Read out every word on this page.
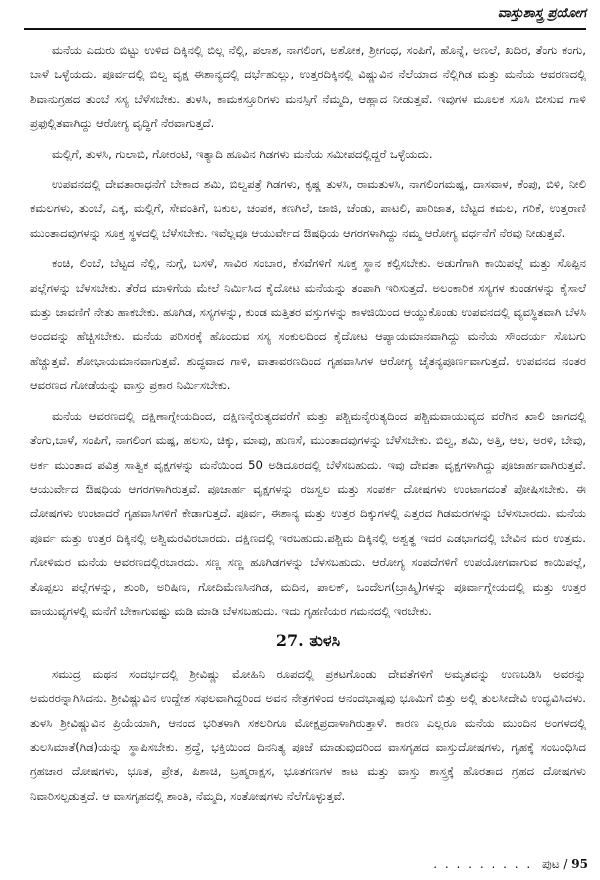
ವಾಸ್ತುಶಾಸ್ತ್ರ ಪ್ರಯೋಗ

ಮನೆಯ ಎದುರು ಬಿಟ್ಟು ಉಳಿದ ದಿಕ್ಕಿನಲ್ಲಿ ಬಿಲ್ಲ ನೆಲ್ಲಿ, ಪಲಾಶ, ನಾಗಲಿಂಗ, ಅಶೋಕ, ಶ್ರೀಗಂಧ, ಸಂಪಿಗೆ, ಹೊನ್ನೆ, ಅಣಲೆ, ಖದಿರ, ತೆಂಗು ಕಂಗು, ಬಾಳೆ ಒಳ್ಳೆಯದು. ಪೂರ್ವದಲ್ಲಿ ಬಿಲ್ವ ವೃಕ್ಷ ಈಶಾನ್ಯದಲ್ಲಿ ದರ್ಭೆಹುಲ್ಲು, ಉತ್ತರದಿಕ್ಕಿನಲ್ಲಿ ವಿಷ್ಣುವಿನ ನೆಲೆಯಾದ ನೆಲ್ಲಿಗಿಡ ಮತ್ತು ಮನೆಯ ಆವರಣದಲ್ಲಿ ಶಿವಾನುಗ್ರಹದ ತುಂಬೆ ಸಸ್ಯ ಬೆಳೆಸಬೇಕು. ತುಳಸಿ, ಕಾಮಕಸ್ತೂರಿಗಳು ಮನಸ್ಸಿಗೆ ನೆಮ್ಮದಿ, ಆಹ್ಲಾದ ನೀಡುತ್ತವೆ. ಇವುಗಳ ಮೂಲಕ ಸೂಸಿ ಬೀಸುವ ಗಾಳಿ ಪ್ರಫುಲ್ಲಿತವಾಗಿದ್ದು ಆರೋಗ್ಯ ವೃದ್ಧಿಗೆ ನೆರವಾಗುತ್ತದೆ.

ಮಲ್ಲಿಗೆ, ತುಳಸಿ, ಗುಲಾಬಿ, ಗೋರಂಟಿ, ಇತ್ಯಾದಿ ಹೂವಿನ ಗಿಡಗಳು ಮನೆಯ ಸಮೀಪದಲ್ಲಿದ್ದರೆ ಒಳ್ಳೆಯದು.

ಉಪವನದಲ್ಲಿ ದೇವತಾರಾಧನೆಗೆ ಬೇಕಾದ ಶಮಿ, ಬಿಲ್ವಪತ್ರೆ ಗಿಡಗಳು, ಕೃಷ್ಣ ತುಳಸಿ, ರಾಮತುಳಸಿ, ನಾಗಲಿಂಗಮಷ್ಪ, ದಾಸವಾಳ, ಕೆಂಪು, ಬಿಳಿ, ನೀಲಿ ಕಮಲಗಳು, ತುಂಬೆ, ಎಕ್ಕ, ಮಲ್ಲಿಗೆ, ಸೇವಂತಿಗೆ, ಬಕುಲ, ಚಂಪಕ, ಕಣಗಿಲೆ, ಜಾಜಿ, ಚೆಂಡು, ಪಾಟಲಿ, ಪಾರಿಜಾತ, ಬೆಟ್ಟದ ಕಮಲ, ಗರಿಕೆ, ಉತ್ತರಾಣಿ ಮುಂತಾದವುಗಳನ್ನು ಸೂಕ್ತ ಸ್ಥಳದಲ್ಲಿ ಬೆಳೆಸಬೇಕು. ಇವೆಲ್ಲವೂ ಆಯುರ್ವೇದ ಔಷಧಿಯ ಆಗರಗಳಾಗಿದ್ದು ನಮ್ಮ ಆರೋಗ್ಯ ವರ್ಧನೆಗೆ ನೆರವು ನೀಡುತ್ತವೆ.

ಕಂಚಿ, ಲಿಂಬೆ, ಬೆಟ್ಟದ ನೆಲ್ಲಿ, ನುಗ್ಗೆ, ಬಸಳೆ, ಸಾವಿರ ಸಂಬಾರ, ಕೆಸವೆಗಳಿಗೆ ಸೂಕ್ತ ಸ್ಥಾನ ಕಲ್ಪಿಸಬೇಕು. ಅಡುಗೆಗಾಗಿ ಕಾಯಿಪಲ್ಲೆ ಮತ್ತು ಸೊಪ್ಪಿನ ಪಲ್ಲೆಗಳನ್ನು ಬೆಳಸಬೇಕು. ತೆರೆದ ಮಾಳಿಗೆಯ ಮೇಲೆ ನಿರ್ಮಿಸಿದ ಕೈದೋಟ ಮನೆಯನ್ನು ತಂಪಾಗಿ ಇರಿಸುತ್ತದೆ. ಅಲಂಕಾರಿಕ ಸಸ್ಯಗಳ ಕುಂಡಗಳನ್ನು ಕೈಸಾಲೆ ಮತ್ತು ಚಾವಣಿಗೆ ನೇತು ಹಾಕಬೇಕು. ಹೂಗಿಡ, ಸಸ್ಯಗಳನ್ನು, ಕುಂಡ ಮತ್ತಿತರ ವಸ್ತುಗಳನ್ನು ಕಾಳಜಿಯಿಂದ ಆಯ್ದುಕೊಂಡು ಉಪವನದಲ್ಲಿ ವ್ಯವಸ್ಥಿತವಾಗಿ ಬೆಳಸಿ ಅಂದವನ್ನು ಹೆಚ್ಚಿಸಬೇಕು. ಮನೆಯ ಪರಿಸರಕ್ಕೆ ಹೊಂದುವ ಸಸ್ಯ ಸಂಕುಲದಿಂದ ಕೈದೋಟ ಆಪ್ಯಾಯಮಾನವಾಗಿದ್ದು ಮನೆಯ ಸೌಂದರ್ಯ ಸೊಬಗು ಹೆಚ್ಚುತ್ತವೆ. ಶೋಭಾಯಮಾನವಾಗುತ್ತವೆ. ಶುದ್ಧವಾದ ಗಾಳಿ, ವಾತಾವರಣದಿಂದ ಗೃಹವಾಸಿಗಳ ಆರೋಗ್ಯ ಚೈತನ್ಯಪೂರ್ಣವಾಗುತ್ತದೆ. ಉಪವನದ ನಂತರ ಆವರಣದ ಗೋಡೆಯನ್ನು ವಾಸ್ತು ಪ್ರಕಾರ ನಿರ್ಮಿಸಬೇಕು.

ಮನೆಯ ಆವರಣದಲ್ಲಿ ದಕ್ಷಿಣಾಗ್ನೇಯದಿಂದ, ದಕ್ಷಿಣನೈರುತ್ಯದವರೆಗೆ ಮತ್ತು ಪಶ್ಚಿಮನೈರುತ್ಯದಿಂದ ಪಶ್ಚಿಮವಾಯುವ್ಯದ ವರೆಗಿನ ಖಾಲಿ ಜಾಗದಲ್ಲಿ ತೆಂಗು,ಬಾಳೆ, ಸಂಪಿಗೆ, ನಾಗಲಿಂಗ ಮಷ್ಪ, ಹಲಸು, ಚಿಕ್ಕು, ಮಾವು, ಹುಣಸೆ, ಮುಂತಾದವುಗಳನ್ನು ಬೆಳೆಸಬೇಕು. ಬಿಲ್ವ, ಶಮಿ, ಅತ್ತಿ, ಆಲ, ಅರಳಿ, ಬೇವು, ಅರ್ಕ ಮುಂತಾದ ಪವಿತ್ರ ಸಾತ್ವಿಕ ವೃಕ್ಷಗಳನ್ನು ಮನೆಯಿಂದ 50 ಅಡಿದೂರದಲ್ಲಿ ಬೆಳೆಸಬಹುದು. ಇವು ದೇವತಾ ವೃಕ್ಷಗಳಾಗಿದ್ದು ಪೂಜಾರ್ಹವಾಗಿರುತ್ತವೆ. ಆಯುರ್ವೇದ ಔಷಧಿಯ ಆಗರಗಳಾಗಿರುತ್ತವೆ. ಪೂಜಾರ್ಹ ವೃಕ್ಷಗಳನ್ನು ರಜಸ್ವಲ ಮತ್ತು ಸಂಪರ್ಕ ದೋಷಗಳು ಉಂಟಾಗದಂತೆ ಪೋಷಿಸಬೇಕು. ಈ ದೋಷಗಳು ಉಂಟಾದರೆ ಗೃಹವಾಸಿಗಳಿಗೆ ಕೇಡಾಗುತ್ತದೆ. ಪೂರ್ವ, ಈಶಾನ್ಯ ಮತ್ತು ಉತ್ತರ ದಿಕ್ಕುಗಳಲ್ಲಿ ಎತ್ತರದ ಗಿಡಮರಗಳನ್ನು ಬೆಳಸಬಾರದು. ಮನೆಯ ಪೂರ್ವ ಮತ್ತು ಉತ್ತರ ದಿಕ್ಕಿನಲ್ಲಿ ಅಶ್ವಿಮರವಿರಬಾರದು. ದಕ್ಷಿಣದಲ್ಲಿ ಇರಬಹುದು.ಪಶ್ಚಿಮ ದಿಕ್ಕಿನಲ್ಲಿ ಅಶ್ವತ್ಥ ಇದರ ಎಡಭಾಗದಲ್ಲಿ ಬೇವಿನ ಮರ ಉತ್ತಮ. ಗೋಳಿಮರ ಮನೆಯ ಆವರಣದಲ್ಲಿರಬಾರದು. ಸಣ್ಣ ಸಣ್ಣ ಹೂಗಿಡಗಳನ್ನು ಬೆಳಸಬಹುದು. ಆರೋಗ್ಯ ಸಂಪದೆಗಳಿಗೆ ಉಪಯೋಗವಾಗುವ ಕಾಯಿಪಲ್ಲೆ, ತೊಪ್ಪಲು ಪಲ್ಲೆಗಳನ್ನು, ಶುಂಠಿ, ಅರಿಷಿಣ, ಗೋದಿಮೆಣಸಿನಗಿಡ, ಮದಿನ, ಪಾಲಕ್, ಒಂದೆಲಗ(ಬ್ರಾಹ್ಮಿ)ಗಳನ್ನು ಪೂರ್ವಾಗ್ನೇಯದಲ್ಲಿ ಮತ್ತು ಉತ್ತರ ವಾಯುವ್ಯಗಳಲ್ಲಿ ಮನೆಗೆ ಬೇಕಾಗುವಷ್ಟು ಮಡಿ ಮಾಡಿ ಬೆಳಸಬಹುದು. ಇದು ಗೃಹಣಿಯರ ಗಮನದಲ್ಲಿ ಇರಬೇಕು.

27. ತುಳಸಿ

ಸಮುದ್ರ ಮಥನ ಸಂದರ್ಭದಲ್ಲಿ ಶ್ರೀವಿಷ್ಣು ಮೋಹಿನಿ ರೂಪದಲ್ಲಿ ಪ್ರಕಟಗೊಂಡು ದೇವತೆಗಳಿಗೆ ಅಮೃತವನ್ನು ಉಣಬಡಿಸಿ ಅವರನ್ನು ಅಮರರನ್ನಾಗಿಸಿದನು. ಶ್ರೀವಿಷ್ಣುವಿನ ಉದ್ದೇಶ ಸಫಲವಾಗಿದ್ದರಿಂದ ಅವನ ನೇತ್ರಗಳಿಂದ ಆನಂದಭಾಷ್ಪವು ಭೂಮಿಗೆ ಬಿತ್ತು ಅಲ್ಲಿ ತುಲಸೀದೇವಿ ಉದ್ಭವಿಸಿದಳು. ತುಳಸಿ ಶ್ರೀವಿಷ್ಣುವಿನ ಪ್ರಿಯೆಯಾಗಿ, ಆನಂದ ಭರಿತಳಾಗಿ ಸಕಲರಿಗೂ ಮೋಕ್ಷಪ್ರದಾಳಾಗಿರುತ್ತಾಳೆ. ಕಾರಣ ಎಲ್ಲರೂ ಮನೆಯ ಮುಂದಿನ ಅಂಗಳದಲ್ಲಿ ತುಲಸಿಮಾತೆ(ಗಿಡ)ಯನ್ನು ಸ್ಥಾಪಿಸಬೇಕು. ಶ್ರದ್ಧೆ, ಭಕ್ತಿಯಿಂದ ದಿನನಿತ್ಯ ಪೂಜೆ ಮಾಡುವುದರಿಂದ ವಾಸಗೃಹದ ವಾಸ್ತುದೋಷಗಳು, ಗೃಹಕ್ಕೆ ಸಂಬಂಧಿಸಿದ ಗ್ರಹಚಾರ ದೋಷಗಳು, ಭೂತ, ಪ್ರೇತ, ಪಿಶಾಚಿ, ಬ್ರಹ್ಮರಾಕ್ಷಸ, ಭೂತಗಣಗಳ ಕಾಟ ಮತ್ತು ವಾಸ್ತು ಶಾಸ್ತ್ರಕ್ಕೆ ಹೊರತಾದ ಗ್ರಹದ ದೋಷಗಳು ನಿವಾರಿಸಲ್ಪಡುತ್ತದೆ. ಆ ವಾಸಗೃಹದಲ್ಲಿ ಶಾಂತಿ, ನೆಮ್ಮದಿ, ಸಂತೋಷಗಳು ನೆಲೆಗೊಳ್ಳುತ್ತವೆ.

. . . . . . . . . ಪುಟ / 95
